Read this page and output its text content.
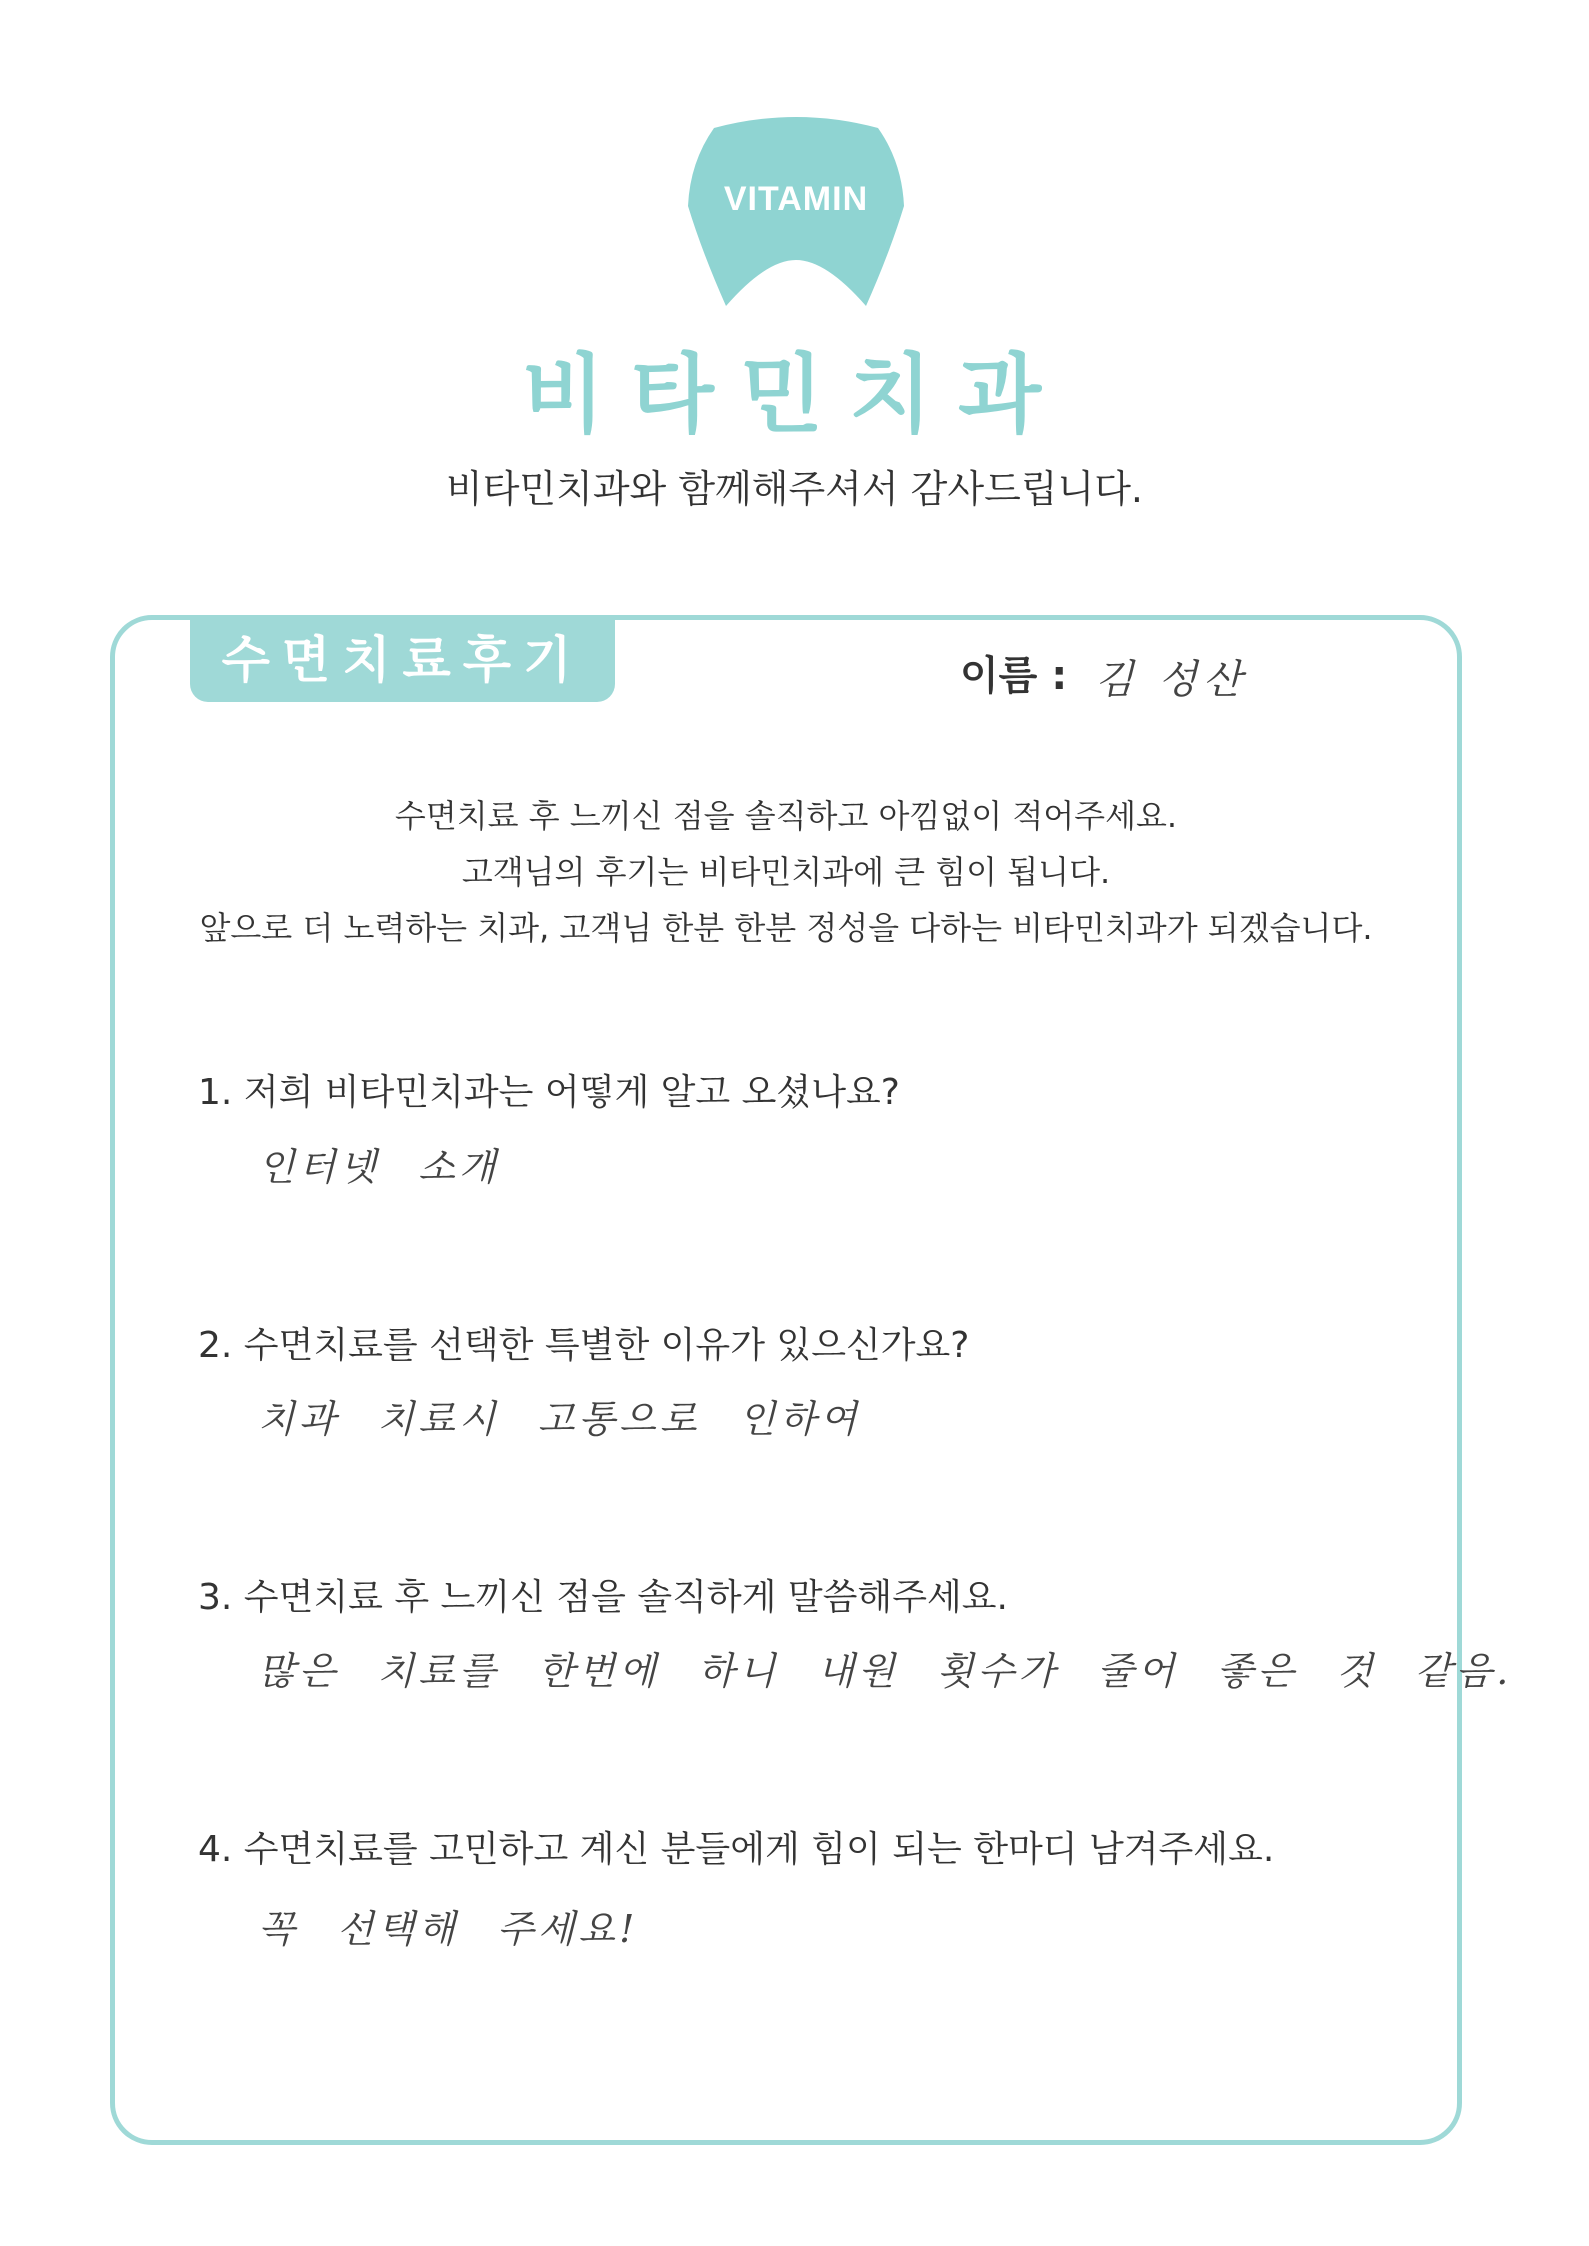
VITAMIN
비타민치과
비타민치과와 함께해주셔서 감사드립니다.
수면치료후기	이름 : 김 성산
수면치료 후 느끼신 점을 솔직하고 아낌없이 적어주세요.
고객님의 후기는 비타민치과에 큰 힘이 됩니다.
앞으로 더 노력하는 치과, 고객님 한분 한분 정성을 다하는 비타민치과가 되겠습니다.
1. 저희 비타민치과는 어떻게 알고 오셨나요?
인터넷 소개
2. 수면치료를 선택한 특별한 이유가 있으신가요?
치과 치료시 고통으로 인하여
3. 수면치료 후 느끼신 점을 솔직하게 말씀해주세요.
많은 치료를 한번에 하니 내원 횟수가 줄어 좋은 것 같음.
4. 수면치료를 고민하고 계신 분들에게 힘이 되는 한마디 남겨주세요.
꼭 선택해 주세요!
